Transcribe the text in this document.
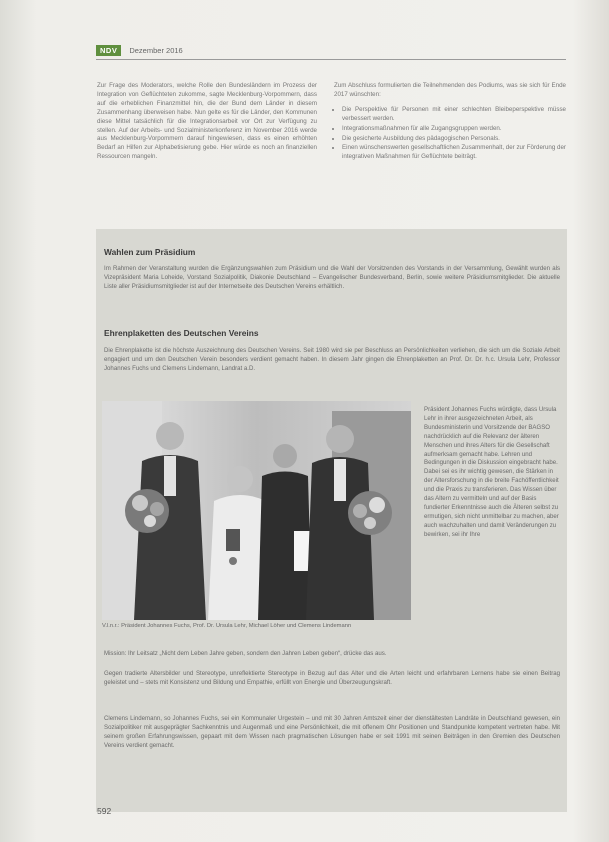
NDV	Dezember 2016
Zur Frage des Moderators, welche Rolle den Bundesländern im Prozess der Integration von Geflüchteten zukomme, sagte Mecklenburg-Vorpommern, dass auf die erheblichen Finanzmittel hin, die der Bund dem Länder in diesem Zusammenhang überweisen habe. Nun gelte es für die Länder, den Kommunen diese Mittel tatsächlich für die Integrationsarbeit vor Ort zur Verfügung zu stellen. Auf der Arbeits- und Sozialministerkonferenz im November 2016 werde aus Mecklenburg-Vorpommern darauf hingewiesen, dass es einen erhöhten Bedarf an Hilfen zur Alphabetisierung gebe. Hier würde es noch an finanziellen Ressourcen mangeln.
Zum Abschluss formulierten die Teilnehmenden des Podiums, was sie sich für Ende 2017 wünschten:
• Die Perspektive für Personen mit einer schlechten Bleibeperspektive müsse verbessert werden.
• Integrationsmaßnahmen für alle Zugangsgruppen werden.
• Die gesicherte Ausbildung des pädagogischen Personals.
• Einen wünschenswerten gesellschaftlichen Zusammenhalt, der zur Förderung der integrativen Maßnahmen für Geflüchtete beiträgt.
Wahlen zum Präsidium
Im Rahmen der Veranstaltung wurden die Ergänzungswahlen zum Präsidium und die Wahl der Vorsitzenden des Vorstands in der Versammlung, Gewählt wurden als Vizepräsident Maria Loheide, Vorstand Sozialpolitik, Diakonie Deutschland – Evangelischer Bundesverband, Berlin, sowie weitere Präsidiumsmitglieder. Die aktuelle Liste aller Präsidiumsmitglieder ist auf der Internetseite des Deutschen Vereins erhältlich.
Ehrenplaketten des Deutschen Vereins
Die Ehrenplakette ist die höchste Auszeichnung des Deutschen Vereins. Seit 1980 wird sie per Beschluss an Persönlichkeiten verliehen, die sich um die Soziale Arbeit engagiert und um den Deutschen Verein besonders verdient gemacht haben. In diesem Jahr gingen die Ehrenplaketten an Prof. Dr. Dr. h.c. Ursula Lehr, Professor Johannes Fuchs und Clemens Lindemann, Landrat a.D.
Mission: Ihr Leitsatz „Nicht dem Leben Jahre geben, sondern den Jahren Leben geben“, drücke das aus.
Gegen tradierte Altersbilder und Stereotype, unreflektierte Stereotype in Bezug auf das Alter und die Arten leicht und erfahrbaren Lernens habe sie einen Beitrag geleistet und – stets mit Konsistenz und Bildung und Empathie, erfüllt von Energie und Überzeugungskraft.
Clemens Lindemann, so Johannes Fuchs, sei ein Kommunaler Urgestein – und mit 30 Jahren Amtszeit einer der dienstältesten Landräte in Deutschland gewesen, ein Sozialpolitiker mit ausgeprägter Sachkenntnis und Augenmaß und eine Persönlichkeit, die mit offenem Ohr Positionen und Standpunkte kompetent vertreten habe. Mit seinem großen Erfahrungswissen, gepaart mit dem Wissen nach pragmatischen Lösungen habe er seit 1991 mit seinen Beiträgen in den Gremien des Deutschen Vereins verdient gemacht.
V.l.n.r.: Präsident Johannes Fuchs, Prof. Dr. Ursula Lehr, Michael Löher und Clemens Lindemann
Präsident Johannes Fuchs würdigte, dass Ursula Lehr in ihrer ausgezeichneten Arbeit, als Bundesministerin und Vorsitzende der BAGSO nachdrücklich auf die Relevanz der älteren Menschen und ihres Alters für die Gesellschaft aufmerksam gemacht habe. Lehren und Bedingungen in die Diskussion eingebracht habe. Dabei sei es ihr wichtig gewesen, die Stärken in der Altersforschung in die breite Fachöffentlichkeit und die Praxis zu transferieren. Das Wissen über das Altern zu vermitteln und auf der Basis fundierter Erkenntnisse auch die Älteren selbst zu ermutigen, sich nicht unmittelbar zu machen, aber auch wachzuhalten und damit Veränderungen zu bewirken, sei ihr Ihre
592
